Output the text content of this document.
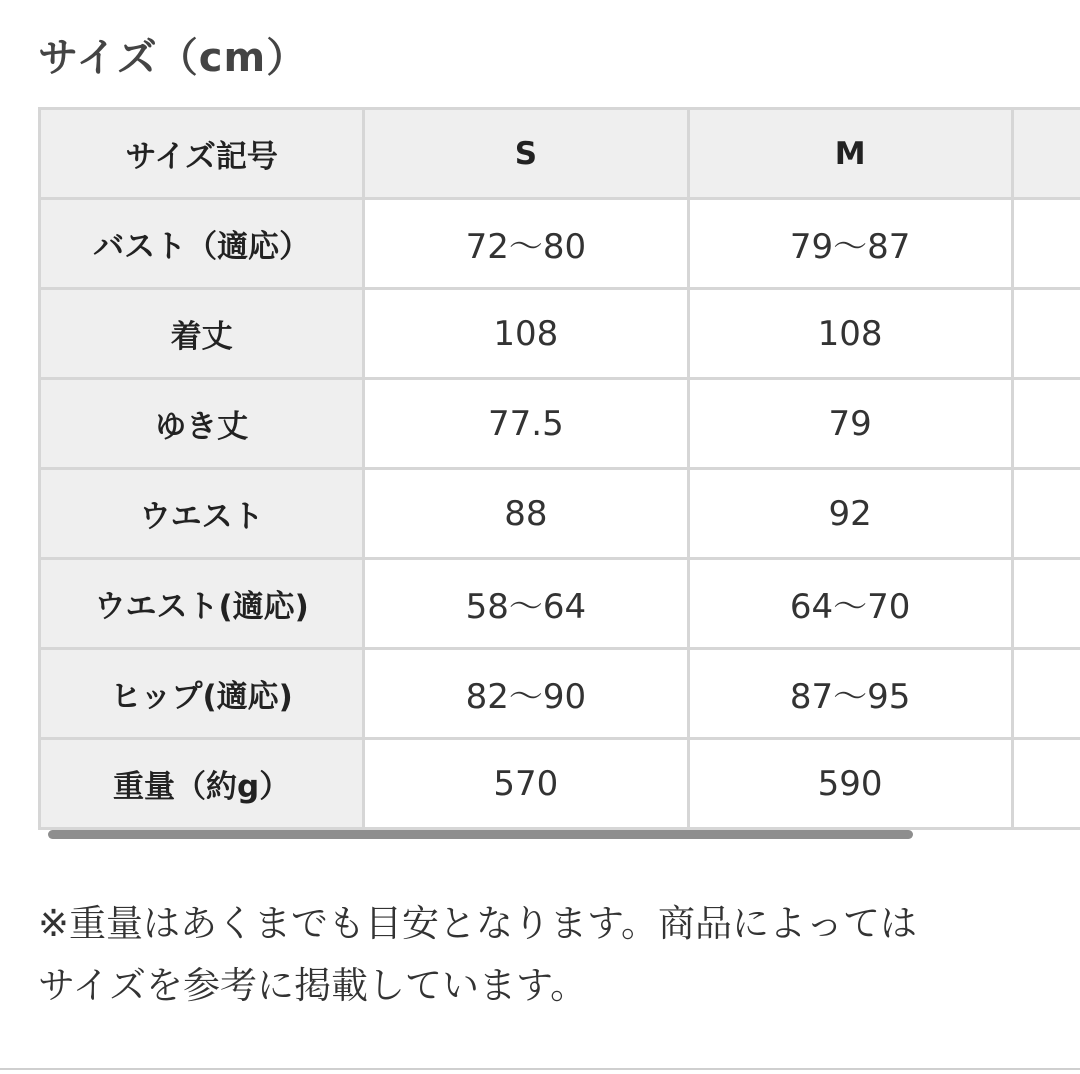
サイズ（cm）
サイズ記号	S	M	
バスト（適応）	72〜80	79〜87	
着丈	108	108	
ゆき丈	77.5	79	
ウエスト	88	92	
ウエスト(適応)	58〜64	64〜70	
ヒップ(適応)	82〜90	87〜95	
重量（約g）	570	590	
※重量はあくまでも目安となります。商品によっては
サイズを参考に掲載しています。
